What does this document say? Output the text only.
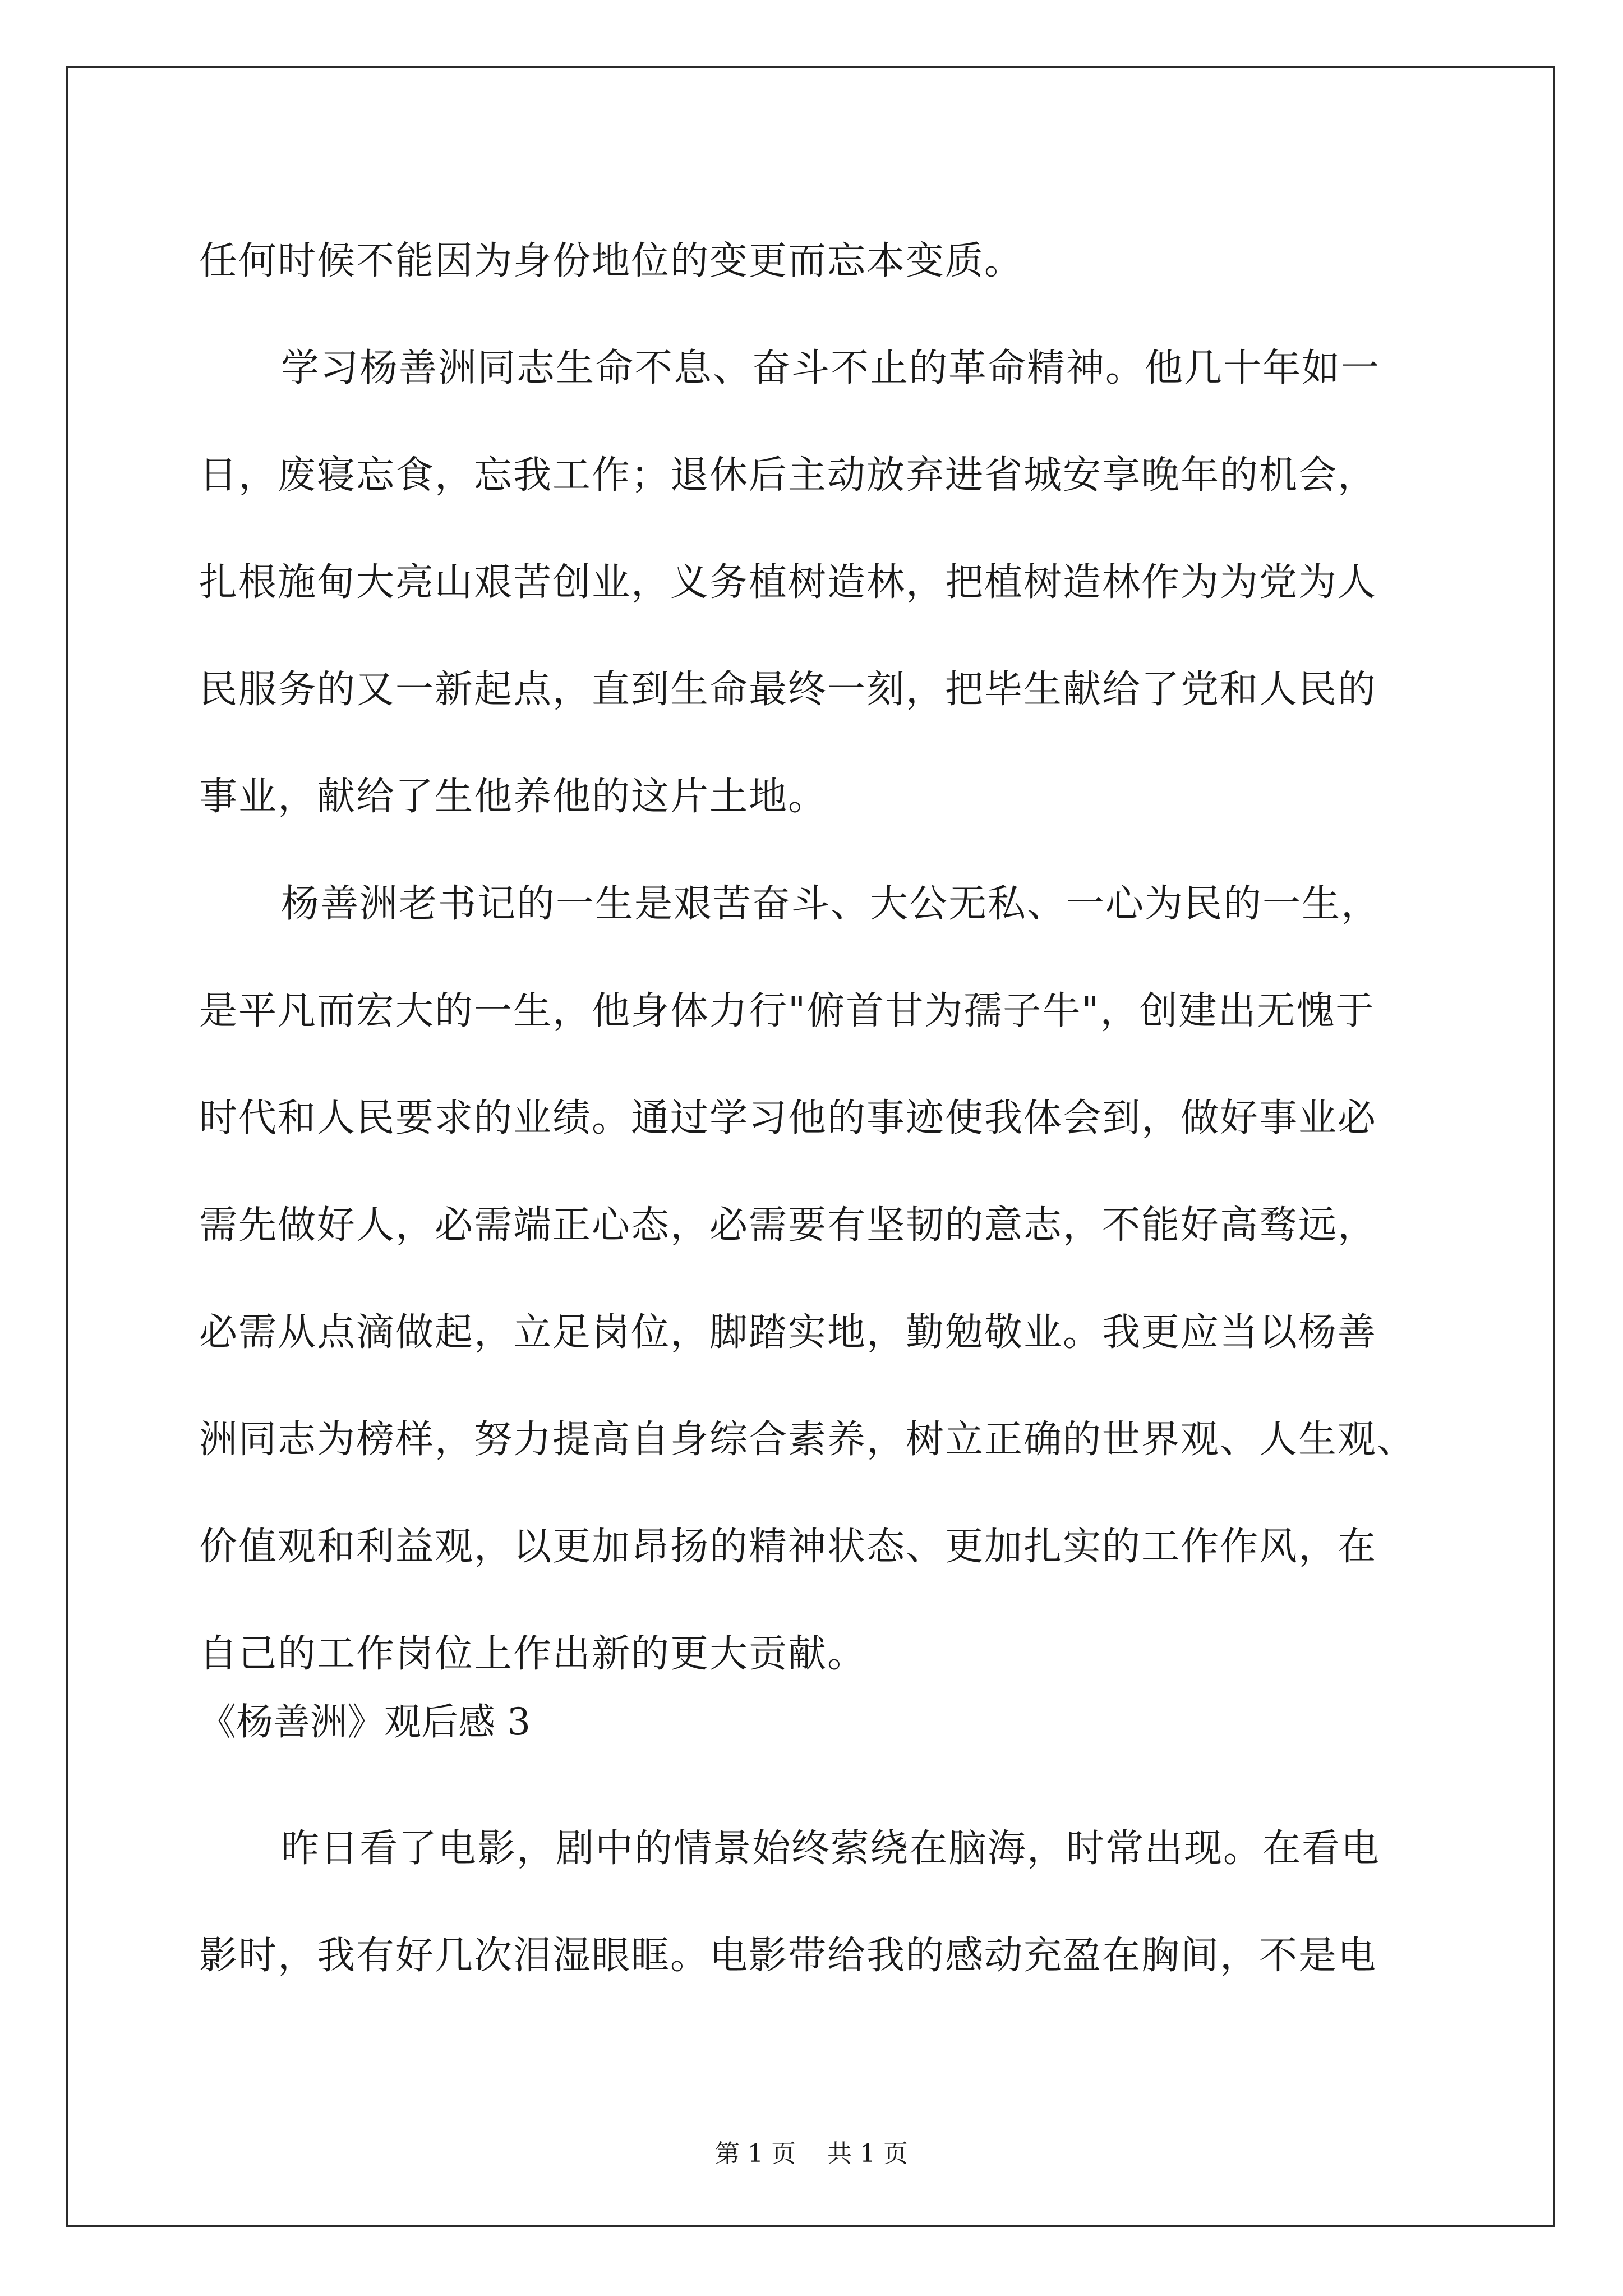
任何时候不能因为身份地位的变更而忘本变质。
学习杨善洲同志生命不息、奋斗不止的革命精神。他几十年如一
日，废寝忘食，忘我工作；退休后主动放弃进省城安享晚年的机会，
扎根施甸大亮山艰苦创业，义务植树造林，把植树造林作为为党为人
民服务的又一新起点，直到生命最终一刻，把毕生献给了党和人民的
事业，献给了生他养他的这片土地。
杨善洲老书记的一生是艰苦奋斗、大公无私、一心为民的一生，
是平凡而宏大的一生，他身体力行"俯首甘为孺子牛"，创建出无愧于
时代和人民要求的业绩。通过学习他的事迹使我体会到，做好事业必
需先做好人，必需端正心态，必需要有坚韧的意志，不能好高骛远，
必需从点滴做起，立足岗位，脚踏实地，勤勉敬业。我更应当以杨善
洲同志为榜样，努力提高自身综合素养，树立正确的世界观、人生观、
价值观和利益观，以更加昂扬的精神状态、更加扎实的工作作风，在
自己的工作岗位上作出新的更大贡献。
《杨善洲》观后感 3
昨日看了电影，剧中的情景始终萦绕在脑海，时常出现。在看电
影时，我有好几次泪湿眼眶。电影带给我的感动充盈在胸间，不是电
第 1 页    共 1 页
